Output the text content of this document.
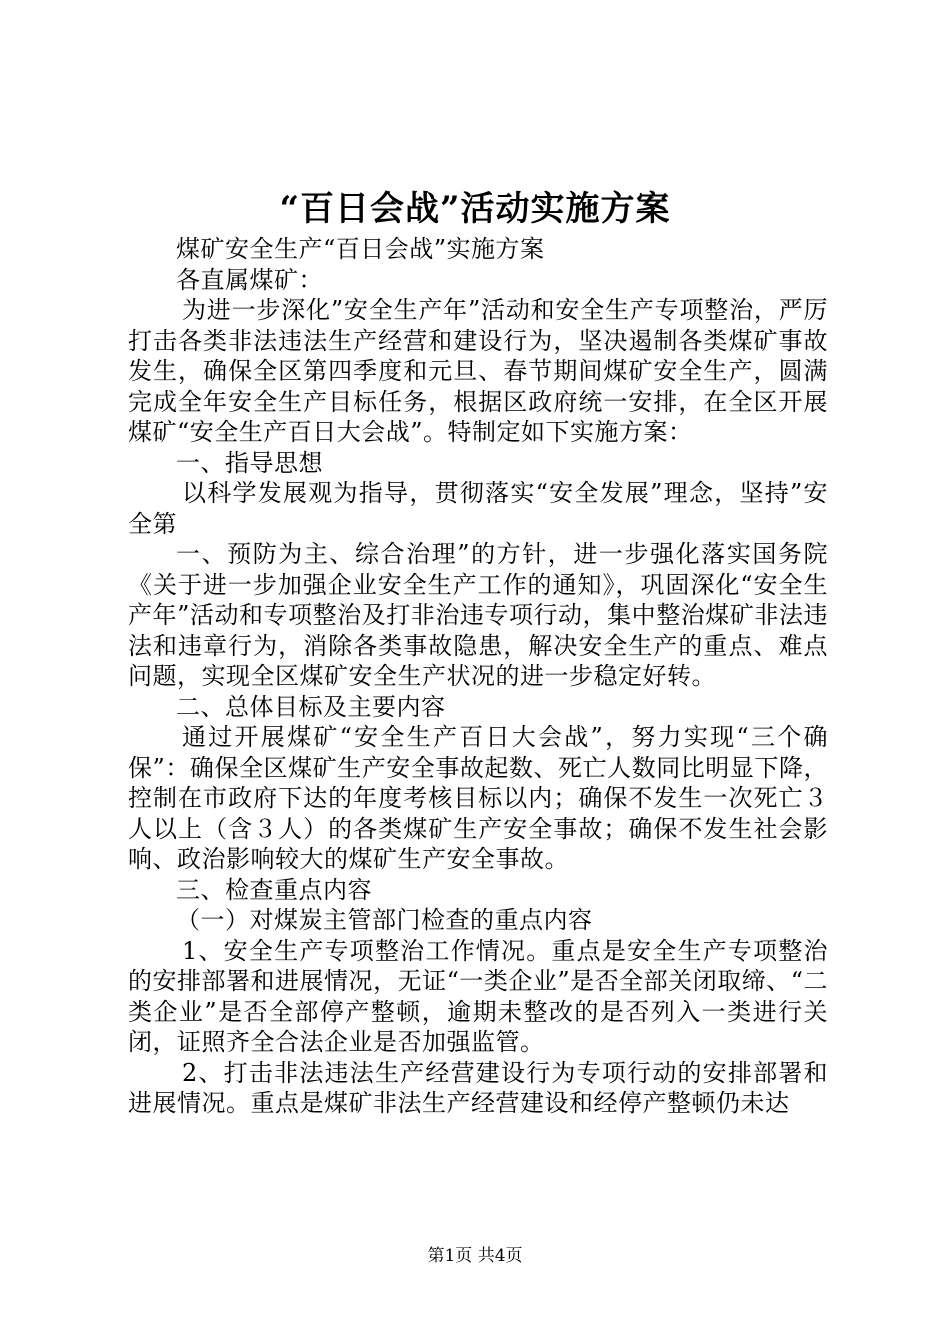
“百日会战”活动实施方案

煤矿安全生产“百日会战”实施方案

各直属煤矿：

为进一步深化”安全生产年”活动和安全生产专项整治，严厉打击各类非法违法生产经营和建设行为，坚决遏制各类煤矿事故发生，确保全区第四季度和元旦、春节期间煤矿安全生产，圆满完成全年安全生产目标任务，根据区政府统一安排，在全区开展煤矿“安全生产百日大会战”。特制定如下实施方案：

一、指导思想

以科学发展观为指导，贯彻落实“安全发展”理念，坚持”安全第

一、预防为主、综合治理”的方针，进一步强化落实国务院《关于进一步加强企业安全生产工作的通知》，巩固深化“安全生产年”活动和专项整治及打非治违专项行动，集中整治煤矿非法违法和违章行为，消除各类事故隐患，解决安全生产的重点、难点问题，实现全区煤矿安全生产状况的进一步稳定好转。

二、总体目标及主要内容

通过开展煤矿“安全生产百日大会战”，努力实现“三个确保”：确保全区煤矿生产安全事故起数、死亡人数同比明显下降，控制在市政府下达的年度考核目标以内；确保不发生一次死亡３人以上（含３人）的各类煤矿生产安全事故；确保不发生社会影响、政治影响较大的煤矿生产安全事故。

三、检查重点内容

（一）对煤炭主管部门检查的重点内容

1、安全生产专项整治工作情况。重点是安全生产专项整治的安排部署和进展情况，无证“一类企业”是否全部关闭取缔、“二类企业”是否全部停产整顿，逾期未整改的是否列入一类进行关闭，证照齐全合法企业是否加强监管。

2、打击非法违法生产经营建设行为专项行动的安排部署和进展情况。重点是煤矿非法生产经营建设和经停产整顿仍未达

第1页 共4页
